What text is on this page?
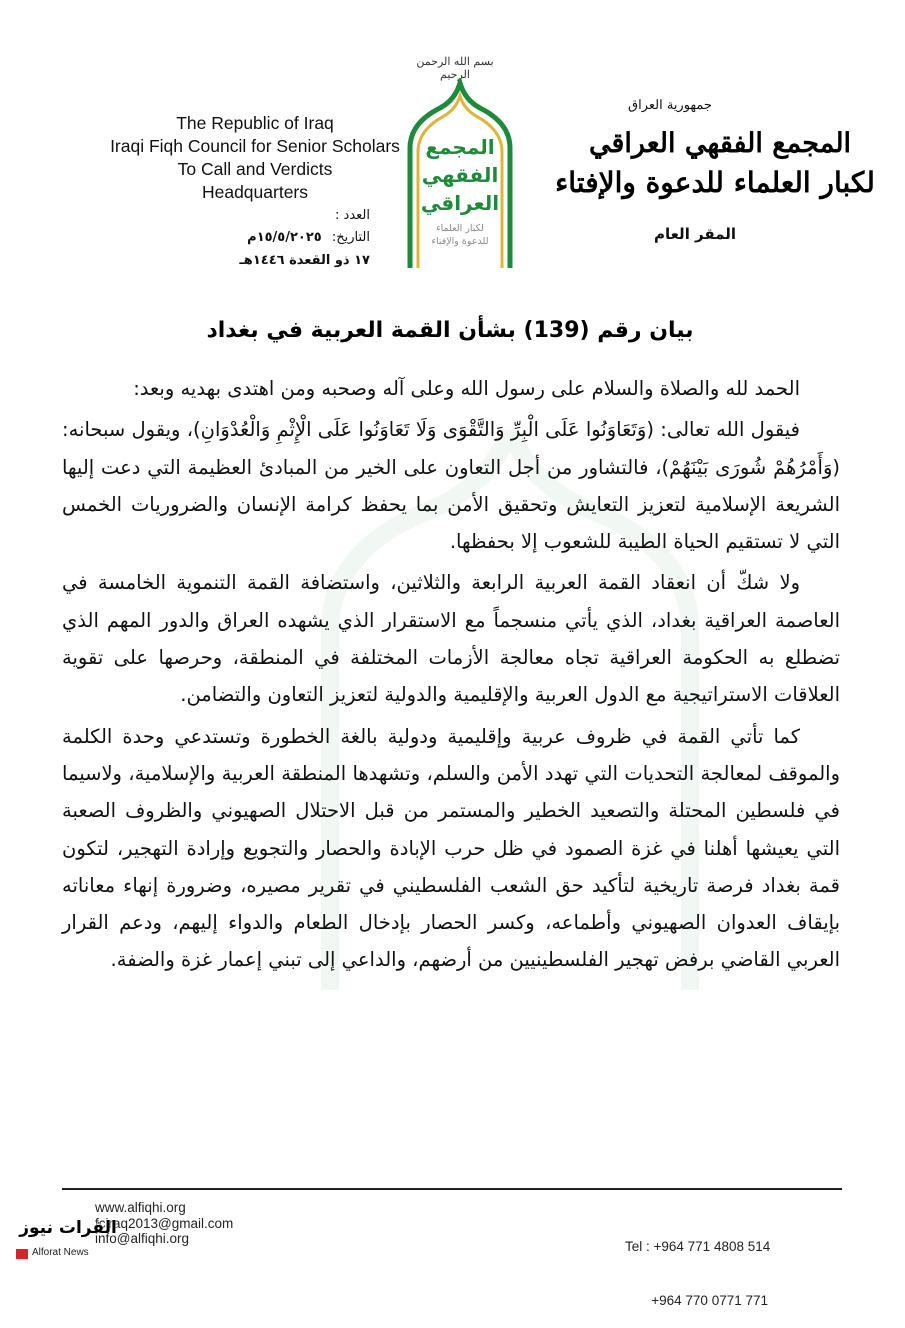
بسم الله الرحمن الرحيم
The Republic of Iraq
Iraqi Fiqh Council for Senior Scholars
To Call and Verdicts
Headquarters
المجمع
الفقهي
العراقي
لكبار العلماء
للدعوة والإفتاء
جمهورية العراق
المجمع الفقهي العراقي
لكبار العلماء للدعوة والإفتاء
المقر العام
العدد :
التاريخ: ١٥/٥/٢٠٢٥م
١٧ ذو القعدة ١٤٤٦هـ
بيان رقم (139) بشأن القمة العربية في بغداد

الحمد لله والصلاة والسلام على رسول الله وعلى آله وصحبه ومن اهتدى بهديه وبعد:

فيقول الله تعالى: (وَتَعَاوَنُوا عَلَى الْبِرِّ وَالتَّقْوَى وَلَا تَعَاوَنُوا عَلَى الْإِثْمِ وَالْعُدْوَانِ)، ويقول سبحانه: (وَأَمْرُهُمْ شُورَى بَيْنَهُمْ)، فالتشاور من أجل التعاون على الخير من المبادئ العظيمة التي دعت إليها الشريعة الإسلامية لتعزيز التعايش وتحقيق الأمن بما يحفظ كرامة الإنسان والضروريات الخمس التي لا تستقيم الحياة الطيبة للشعوب إلا بحفظها.

ولا شكّ أن انعقاد القمة العربية الرابعة والثلاثين، واستضافة القمة التنموية الخامسة في العاصمة العراقية بغداد، الذي يأتي منسجماً مع الاستقرار الذي يشهده العراق والدور المهم الذي تضطلع به الحكومة العراقية تجاه معالجة الأزمات المختلفة في المنطقة، وحرصها على تقوية العلاقات الاستراتيجية مع الدول العربية والإقليمية والدولية لتعزيز التعاون والتضامن.

كما تأتي القمة في ظروف عربية وإقليمية ودولية بالغة الخطورة وتستدعي وحدة الكلمة والموقف لمعالجة التحديات التي تهدد الأمن والسلم، وتشهدها المنطقة العربية والإسلامية، ولاسيما في فلسطين المحتلة والتصعيد الخطير والمستمر من قبل الاحتلال الصهيوني والظروف الصعبة التي يعيشها أهلنا في غزة الصمود في ظل حرب الإبادة والحصار والتجويع وإرادة التهجير، لتكون قمة بغداد فرصة تاريخية لتأكيد حق الشعب الفلسطيني في تقرير مصيره، وضرورة إنهاء معاناته بإيقاف العدوان الصهيوني وأطماعه، وكسر الحصار بإدخال الطعام والدواء إليهم، ودعم القرار العربي القاضي برفض تهجير الفلسطينيين من أرضهم، والداعي إلى تبني إعمار غزة والضفة.

www.alfiqhi.org
fciraq2013@gmail.com
info@alfiqhi.org

Tel : +964 771 4808 514

+964 770 0771 771

الفرات نيوز
Alforat News
